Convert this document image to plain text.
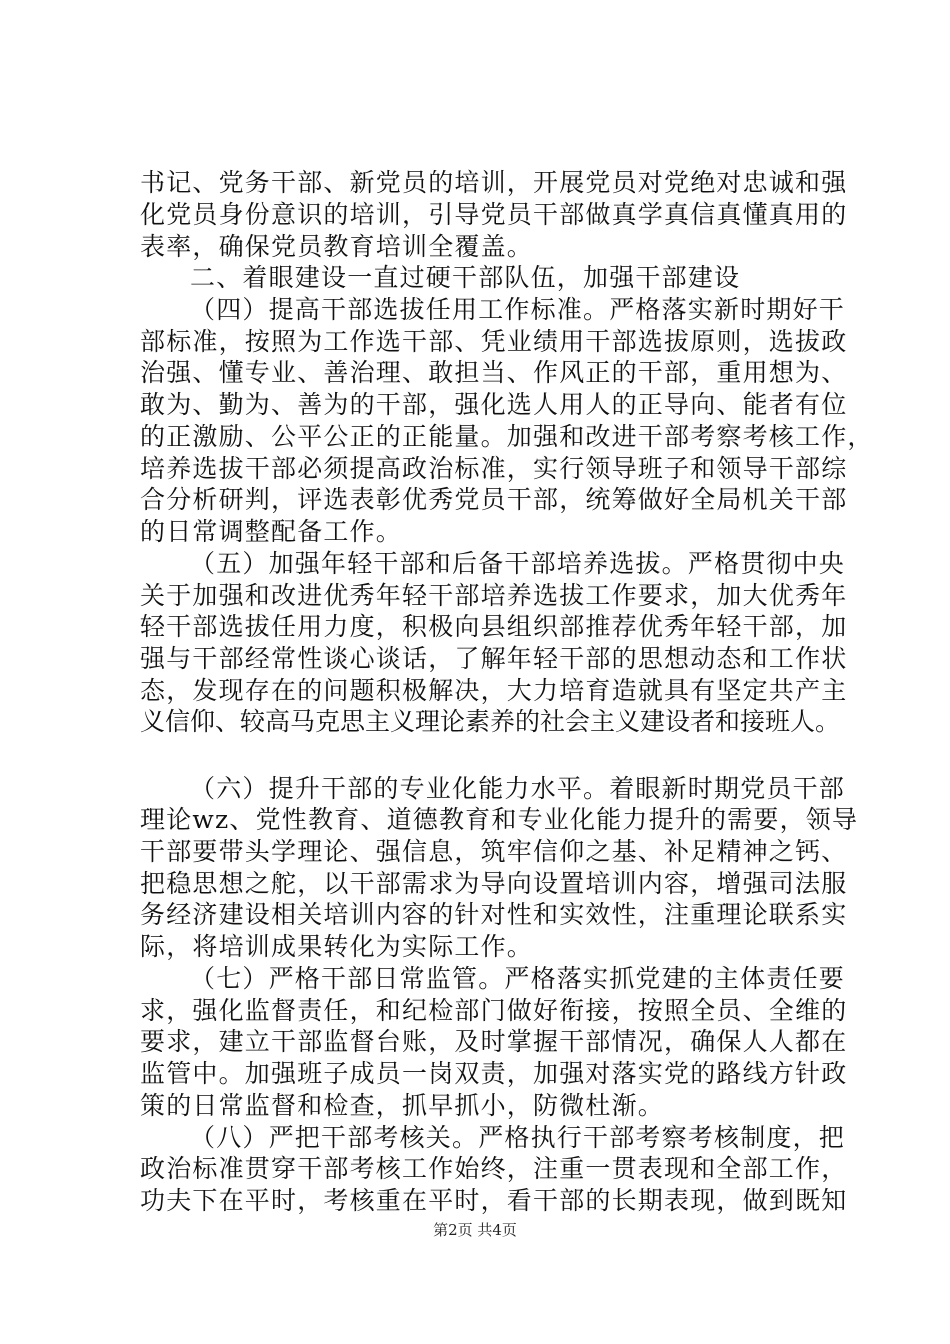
书记、党务干部、新党员的培训，开展党员对党绝对忠诚和强
化党员身份意识的培训，引导党员干部做真学真信真懂真用的
表率，确保党员教育培训全覆盖。
二、着眼建设一直过硬干部队伍，加强干部建设
（四）提高干部选拔任用工作标准。严格落实新时期好干
部标准，按照为工作选干部、凭业绩用干部选拔原则，选拔政
治强、懂专业、善治理、敢担当、作风正的干部，重用想为、
敢为、勤为、善为的干部，强化选人用人的正导向、能者有位
的正激励、公平公正的正能量。加强和改进干部考察考核工作，
培养选拔干部必须提高政治标准，实行领导班子和领导干部综
合分析研判，评选表彰优秀党员干部，统筹做好全局机关干部
的日常调整配备工作。
（五）加强年轻干部和后备干部培养选拔。严格贯彻中央
关于加强和改进优秀年轻干部培养选拔工作要求，加大优秀年
轻干部选拔任用力度，积极向县组织部推荐优秀年轻干部，加
强与干部经常性谈心谈话，了解年轻干部的思想动态和工作状
态，发现存在的问题积极解决，大力培育造就具有坚定共产主
义信仰、较高马克思主义理论素养的社会主义建设者和接班人。
（六）提升干部的专业化能力水平。着眼新时期党员干部
理论wz、党性教育、道德教育和专业化能力提升的需要，领导
干部要带头学理论、强信息，筑牢信仰之基、补足精神之钙、
把稳思想之舵，以干部需求为导向设置培训内容，增强司法服
务经济建设相关培训内容的针对性和实效性，注重理论联系实
际，将培训成果转化为实际工作。
（七）严格干部日常监管。严格落实抓党建的主体责任要
求，强化监督责任，和纪检部门做好衔接，按照全员、全维的
要求，建立干部监督台账，及时掌握干部情况，确保人人都在
监管中。加强班子成员一岗双责，加强对落实党的路线方针政
策的日常监督和检查，抓早抓小，防微杜渐。
（八）严把干部考核关。严格执行干部考察考核制度，把
政治标准贯穿干部考核工作始终，注重一贯表现和全部工作，
功夫下在平时，考核重在平时，看干部的长期表现，做到既知
第2页 共4页
